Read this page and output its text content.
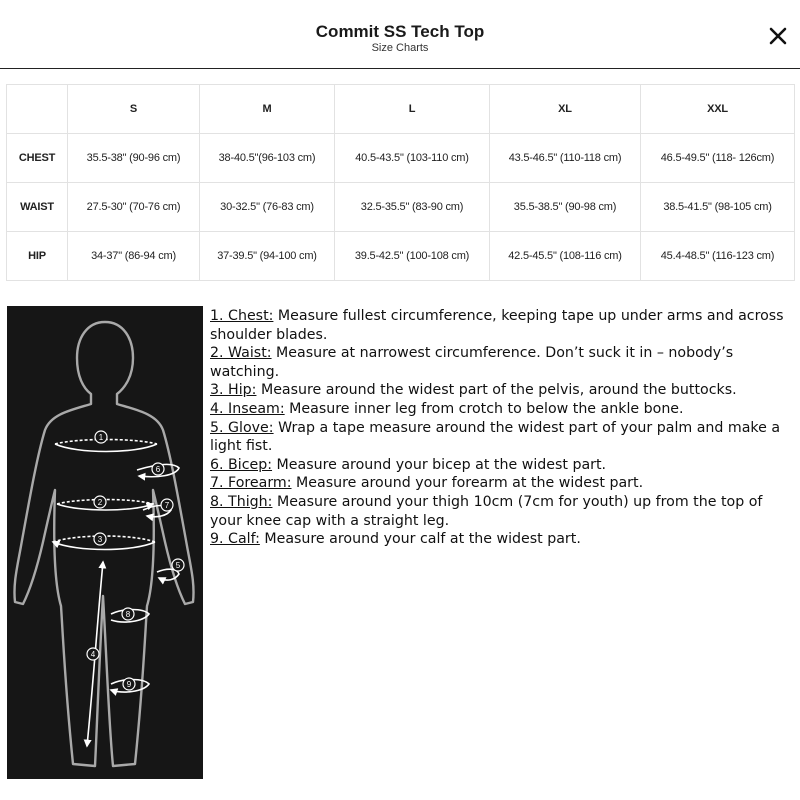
Commit SS Tech Top
Size Charts
	S	M	L	XL	XXL
CHEST	35.5-38" (90-96 cm)	38-40.5"(96-103 cm)	40.5-43.5" (103-110 cm)	43.5-46.5" (110-118 cm)	46.5-49.5" (118- 126cm)
WAIST	27.5-30" (70-76 cm)	30-32.5" (76-83 cm)	32.5-35.5" (83-90 cm)	35.5-38.5" (90-98 cm)	38.5-41.5" (98-105 cm)
HIP	34-37" (86-94 cm)	37-39.5" (94-100 cm)	39.5-42.5" (100-108 cm)	42.5-45.5" (108-116 cm)	45.4-48.5" (116-123 cm)
1
2
3
4
5
6
7
8
9

1. Chest: Measure fullest circumference, keeping tape up under arms and across shoulder blades.

2. Waist: Measure at narrowest circumference. Don’t suck it in – nobody’s watching.

3. Hip: Measure around the widest part of the pelvis, around the buttocks.

4. Inseam: Measure inner leg from crotch to below the ankle bone.

5. Glove: Wrap a tape measure around the widest part of your palm and make a light fist.

6. Bicep: Measure around your bicep at the widest part.

7. Forearm: Measure around your forearm at the widest part.

8. Thigh: Measure around your thigh 10cm (7cm for youth) up from the top of your knee cap with a straight leg.

9. Calf: Measure around your calf at the widest part.
